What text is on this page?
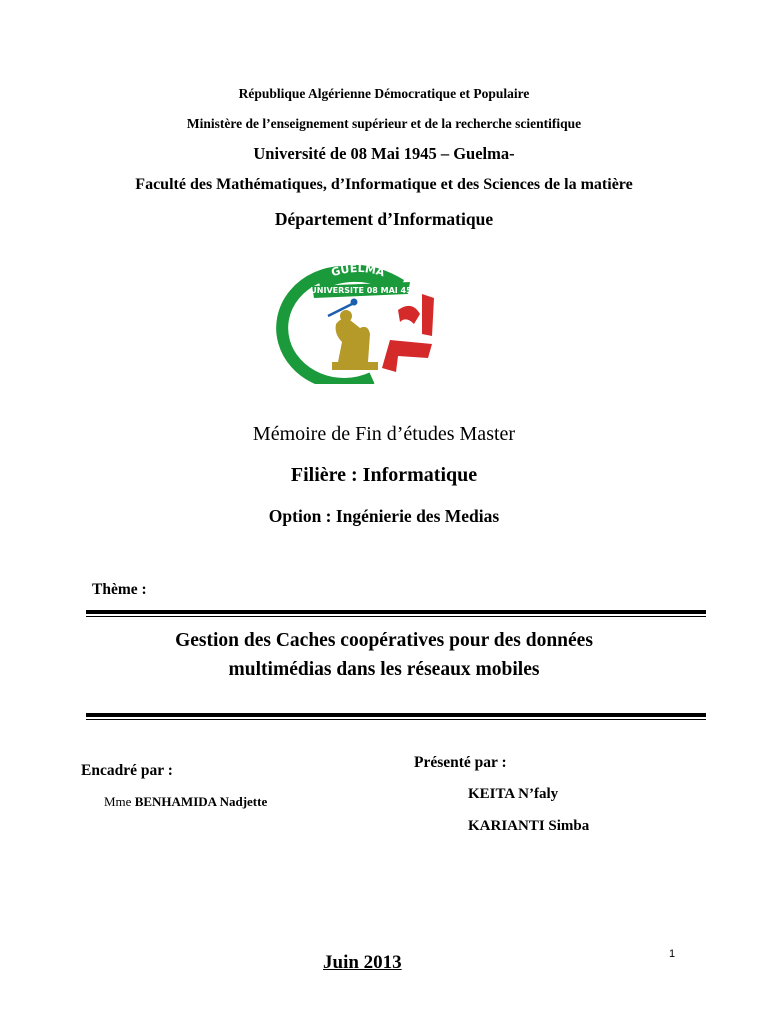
République Algérienne Démocratique et Populaire
Ministère de l’enseignement supérieur et de la recherche scientifique
Université de 08 Mai 1945 – Guelma-
Faculté des Mathématiques, d’Informatique et des Sciences de la matière
Département d’Informatique
GUELMA
UNIVERSITE 08 MAI 45
Mémoire de Fin d’études Master
Filière : Informatique
Option : Ingénierie des Medias
Thème :
Gestion des Caches coopératives pour des données
multimédias dans les réseaux mobiles
Encadré par :
Mme BENHAMIDA Nadjette
Présenté par :
KEITA N’faly
KARIANTI Simba
Juin 2013	1
